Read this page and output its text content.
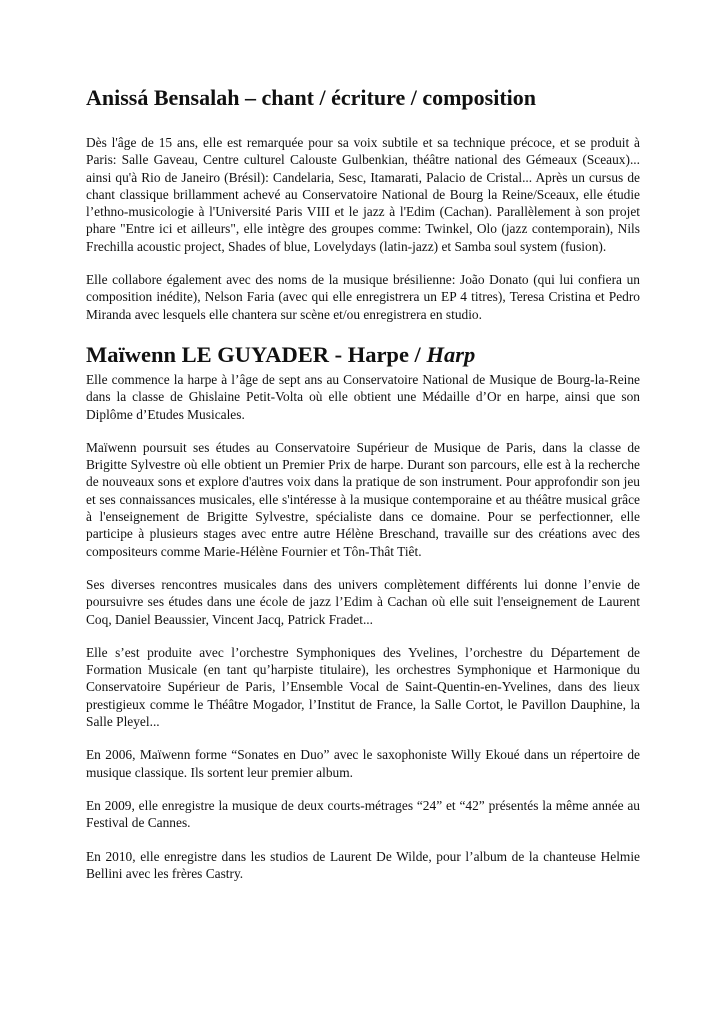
Anissá Bensalah – chant / écriture / composition

Dès l'âge de 15 ans, elle est remarquée pour sa voix subtile et sa technique précoce, et se produit à Paris: Salle Gaveau, Centre culturel Calouste Gulbenkian, théâtre national des Gémeaux (Sceaux)... ainsi qu'à Rio de Janeiro (Brésil): Candelaria, Sesc, Itamarati, Palacio de Cristal... Après un cursus de chant classique brillamment achevé au Conservatoire National de Bourg la Reine/Sceaux, elle étudie l’ethno-musicologie à l'Université Paris VIII et le jazz à l'Edim (Cachan). Parallèlement à son projet phare "Entre ici et ailleurs", elle intègre des groupes comme: Twinkel, Olo (jazz contemporain), Nils Frechilla acoustic project, Shades of blue, Lovelydays (latin-jazz) et Samba soul system (fusion).

Elle collabore également avec des noms de la musique brésilienne: João Donato (qui lui confiera un composition inédite), Nelson Faria (avec qui elle enregistrera un EP 4 titres), Teresa Cristina et Pedro Miranda avec lesquels elle chantera sur scène et/ou enregistrera en studio.

Maïwenn LE GUYADER - Harpe / Harp

Elle commence la harpe à l’âge de sept ans au Conservatoire National de Musique de Bourg-la-Reine dans la classe de Ghislaine Petit-Volta où elle obtient une Médaille d’Or en harpe, ainsi que son Diplôme d’Etudes Musicales.

Maïwenn poursuit ses études au Conservatoire Supérieur de Musique de Paris, dans la classe de Brigitte Sylvestre où elle obtient un Premier Prix de harpe. Durant son parcours, elle est à la recherche de nouveaux sons et explore d'autres voix dans la pratique de son instrument. Pour approfondir son jeu et ses connaissances musicales, elle s'intéresse à la musique contemporaine et au théâtre musical grâce à l'enseignement de Brigitte Sylvestre, spécialiste dans ce domaine. Pour se perfectionner, elle participe à plusieurs stages avec entre autre Hélène Breschand, travaille sur des créations avec des compositeurs comme Marie-Hélène Fournier et Tôn-Thât Tiêt.

Ses diverses rencontres musicales dans des univers complètement différents lui donne l’envie de poursuivre ses études dans une école de jazz l’Edim à Cachan où elle suit l'enseignement de Laurent Coq, Daniel Beaussier, Vincent Jacq, Patrick Fradet...

Elle s’est produite avec l’orchestre Symphoniques des Yvelines, l’orchestre du Département de Formation Musicale (en tant qu’harpiste titulaire), les orchestres Symphonique et Harmonique du Conservatoire Supérieur de Paris, l’Ensemble Vocal de Saint-Quentin-en-Yvelines, dans des lieux prestigieux comme le Théâtre Mogador, l’Institut de France, la Salle Cortot, le Pavillon Dauphine, la Salle Pleyel...

En 2006, Maïwenn forme “Sonates en Duo” avec le saxophoniste Willy Ekoué dans un répertoire de musique classique. Ils sortent leur premier album.

En 2009, elle enregistre la musique de deux courts-métrages “24” et “42” présentés la même année au Festival de Cannes.

En 2010, elle enregistre dans les studios de Laurent De Wilde, pour l’album de la chanteuse Helmie Bellini avec les frères Castry.
